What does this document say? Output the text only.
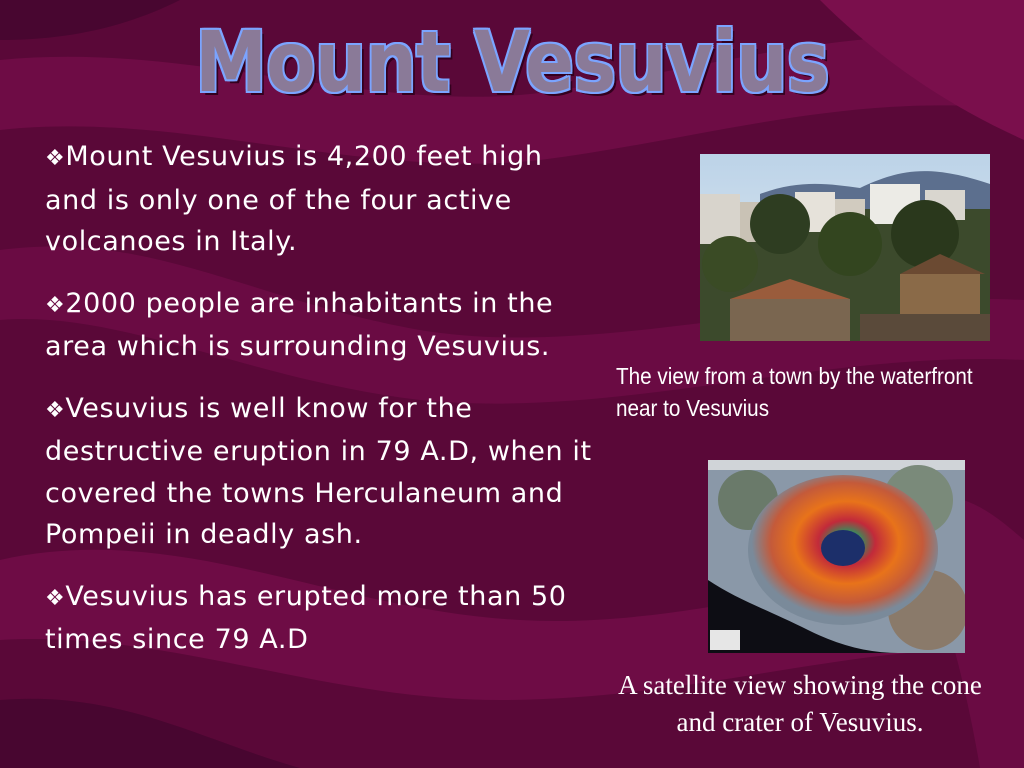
Mount Vesuvius
❖Mount Vesuvius is 4,200 feet high and is only one of the four active volcanoes in Italy.
❖2000 people are inhabitants in the area which is surrounding Vesuvius.
❖Vesuvius is well know for the destructive eruption in 79 A.D, when it covered the towns Herculaneum and Pompeii in deadly ash.
❖Vesuvius has erupted more than 50 times since 79 A.D
The view from a town by the waterfront near to Vesuvius
A satellite view showing the cone and crater of Vesuvius.
